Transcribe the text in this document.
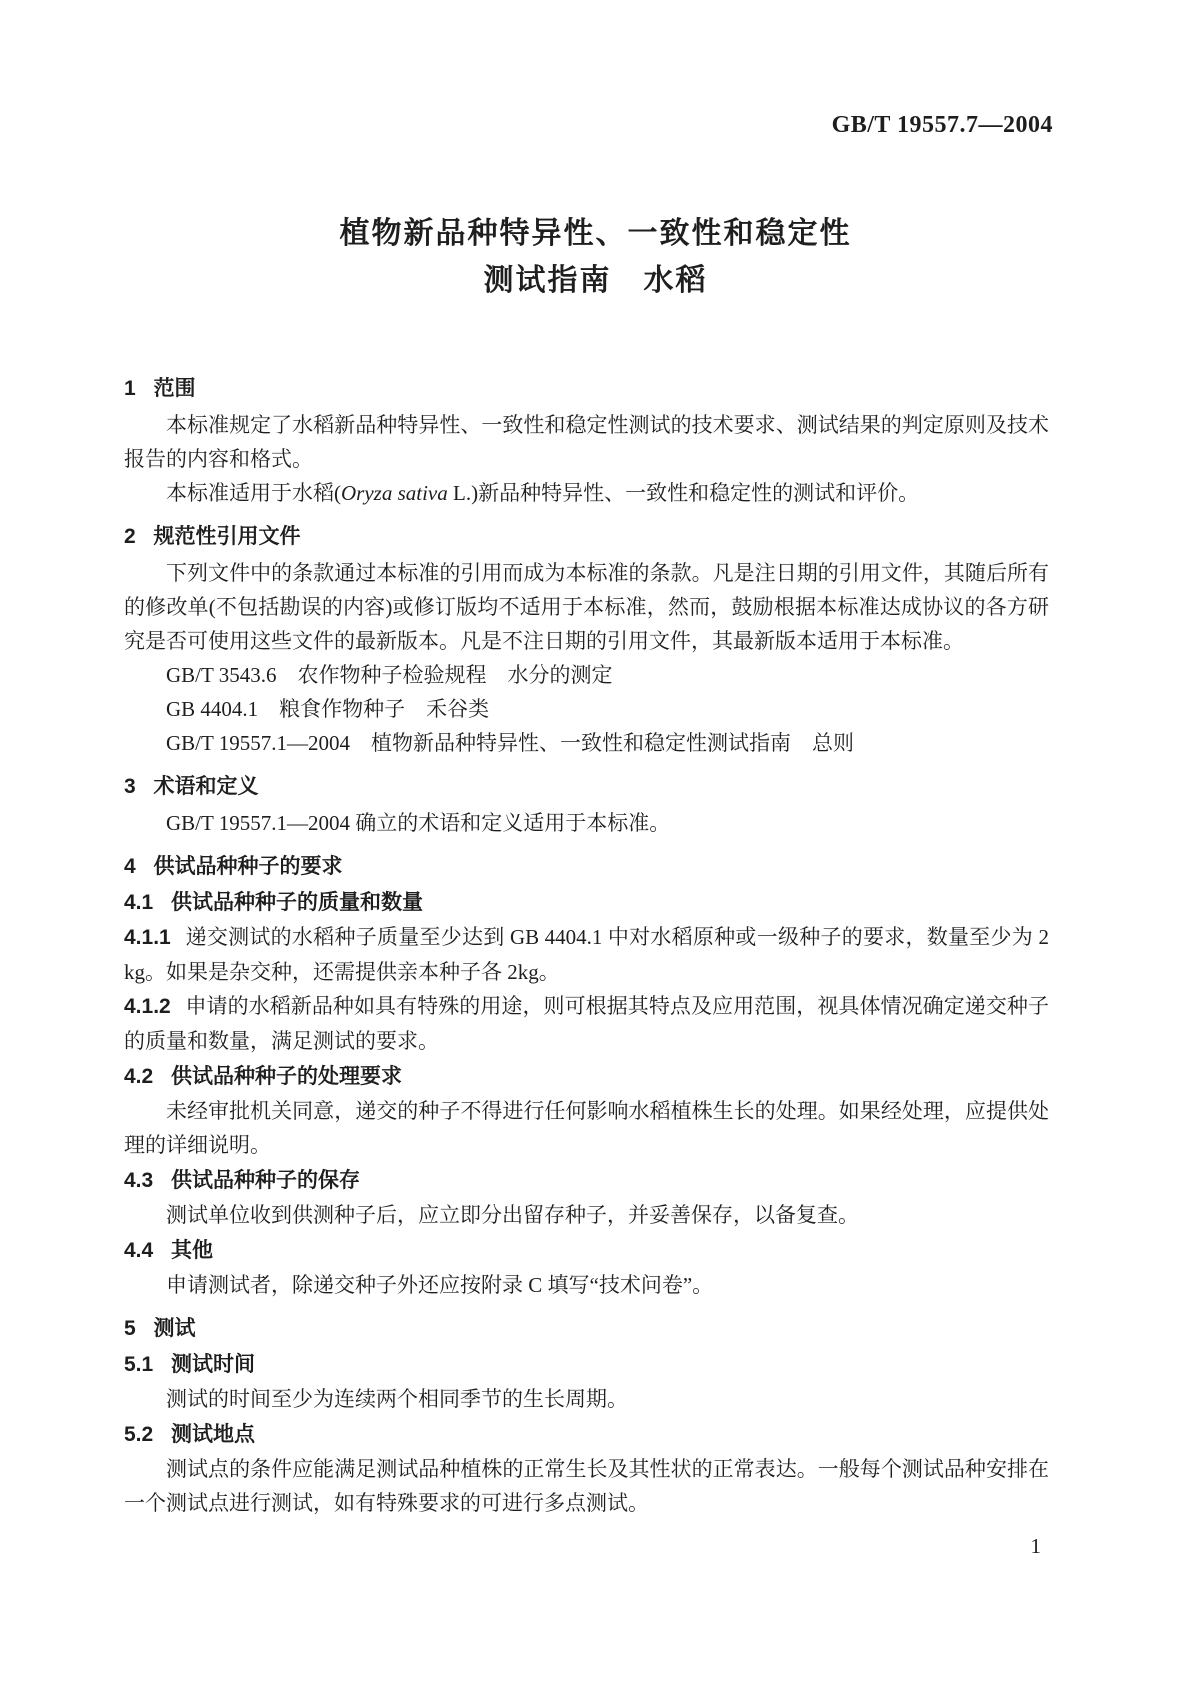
GB/T 19557.7—2004
植物新品种特异性、一致性和稳定性
测试指南　水稻

1 范围

本标准规定了水稻新品种特异性、一致性和稳定性测试的技术要求、测试结果的判定原则及技术报告的内容和格式。

本标准适用于水稻(Oryza sativa L.)新品种特异性、一致性和稳定性的测试和评价。

2 规范性引用文件

下列文件中的条款通过本标准的引用而成为本标准的条款。凡是注日期的引用文件，其随后所有的修改单(不包括勘误的内容)或修订版均不适用于本标准，然而，鼓励根据本标准达成协议的各方研究是否可使用这些文件的最新版本。凡是不注日期的引用文件，其最新版本适用于本标准。

GB/T 3543.6　农作物种子检验规程　水分的测定

GB 4404.1　粮食作物种子　禾谷类

GB/T 19557.1—2004　植物新品种特异性、一致性和稳定性测试指南　总则

3 术语和定义

GB/T 19557.1—2004 确立的术语和定义适用于本标准。

4 供试品种种子的要求

4.1 供试品种种子的质量和数量

4.1.1 递交测试的水稻种子质量至少达到 GB 4404.1 中对水稻原种或一级种子的要求，数量至少为 2 kg。如果是杂交种，还需提供亲本种子各 2kg。

4.1.2 申请的水稻新品种如具有特殊的用途，则可根据其特点及应用范围，视具体情况确定递交种子的质量和数量，满足测试的要求。

4.2 供试品种种子的处理要求

未经审批机关同意，递交的种子不得进行任何影响水稻植株生长的处理。如果经处理，应提供处理的详细说明。

4.3 供试品种种子的保存

测试单位收到供测种子后，应立即分出留存种子，并妥善保存，以备复查。

4.4 其他

申请测试者，除递交种子外还应按附录 C 填写“技术问卷”。

5 测试

5.1 测试时间

测试的时间至少为连续两个相同季节的生长周期。

5.2 测试地点

测试点的条件应能满足测试品种植株的正常生长及其性状的正常表达。一般每个测试品种安排在一个测试点进行测试，如有特殊要求的可进行多点测试。

1
